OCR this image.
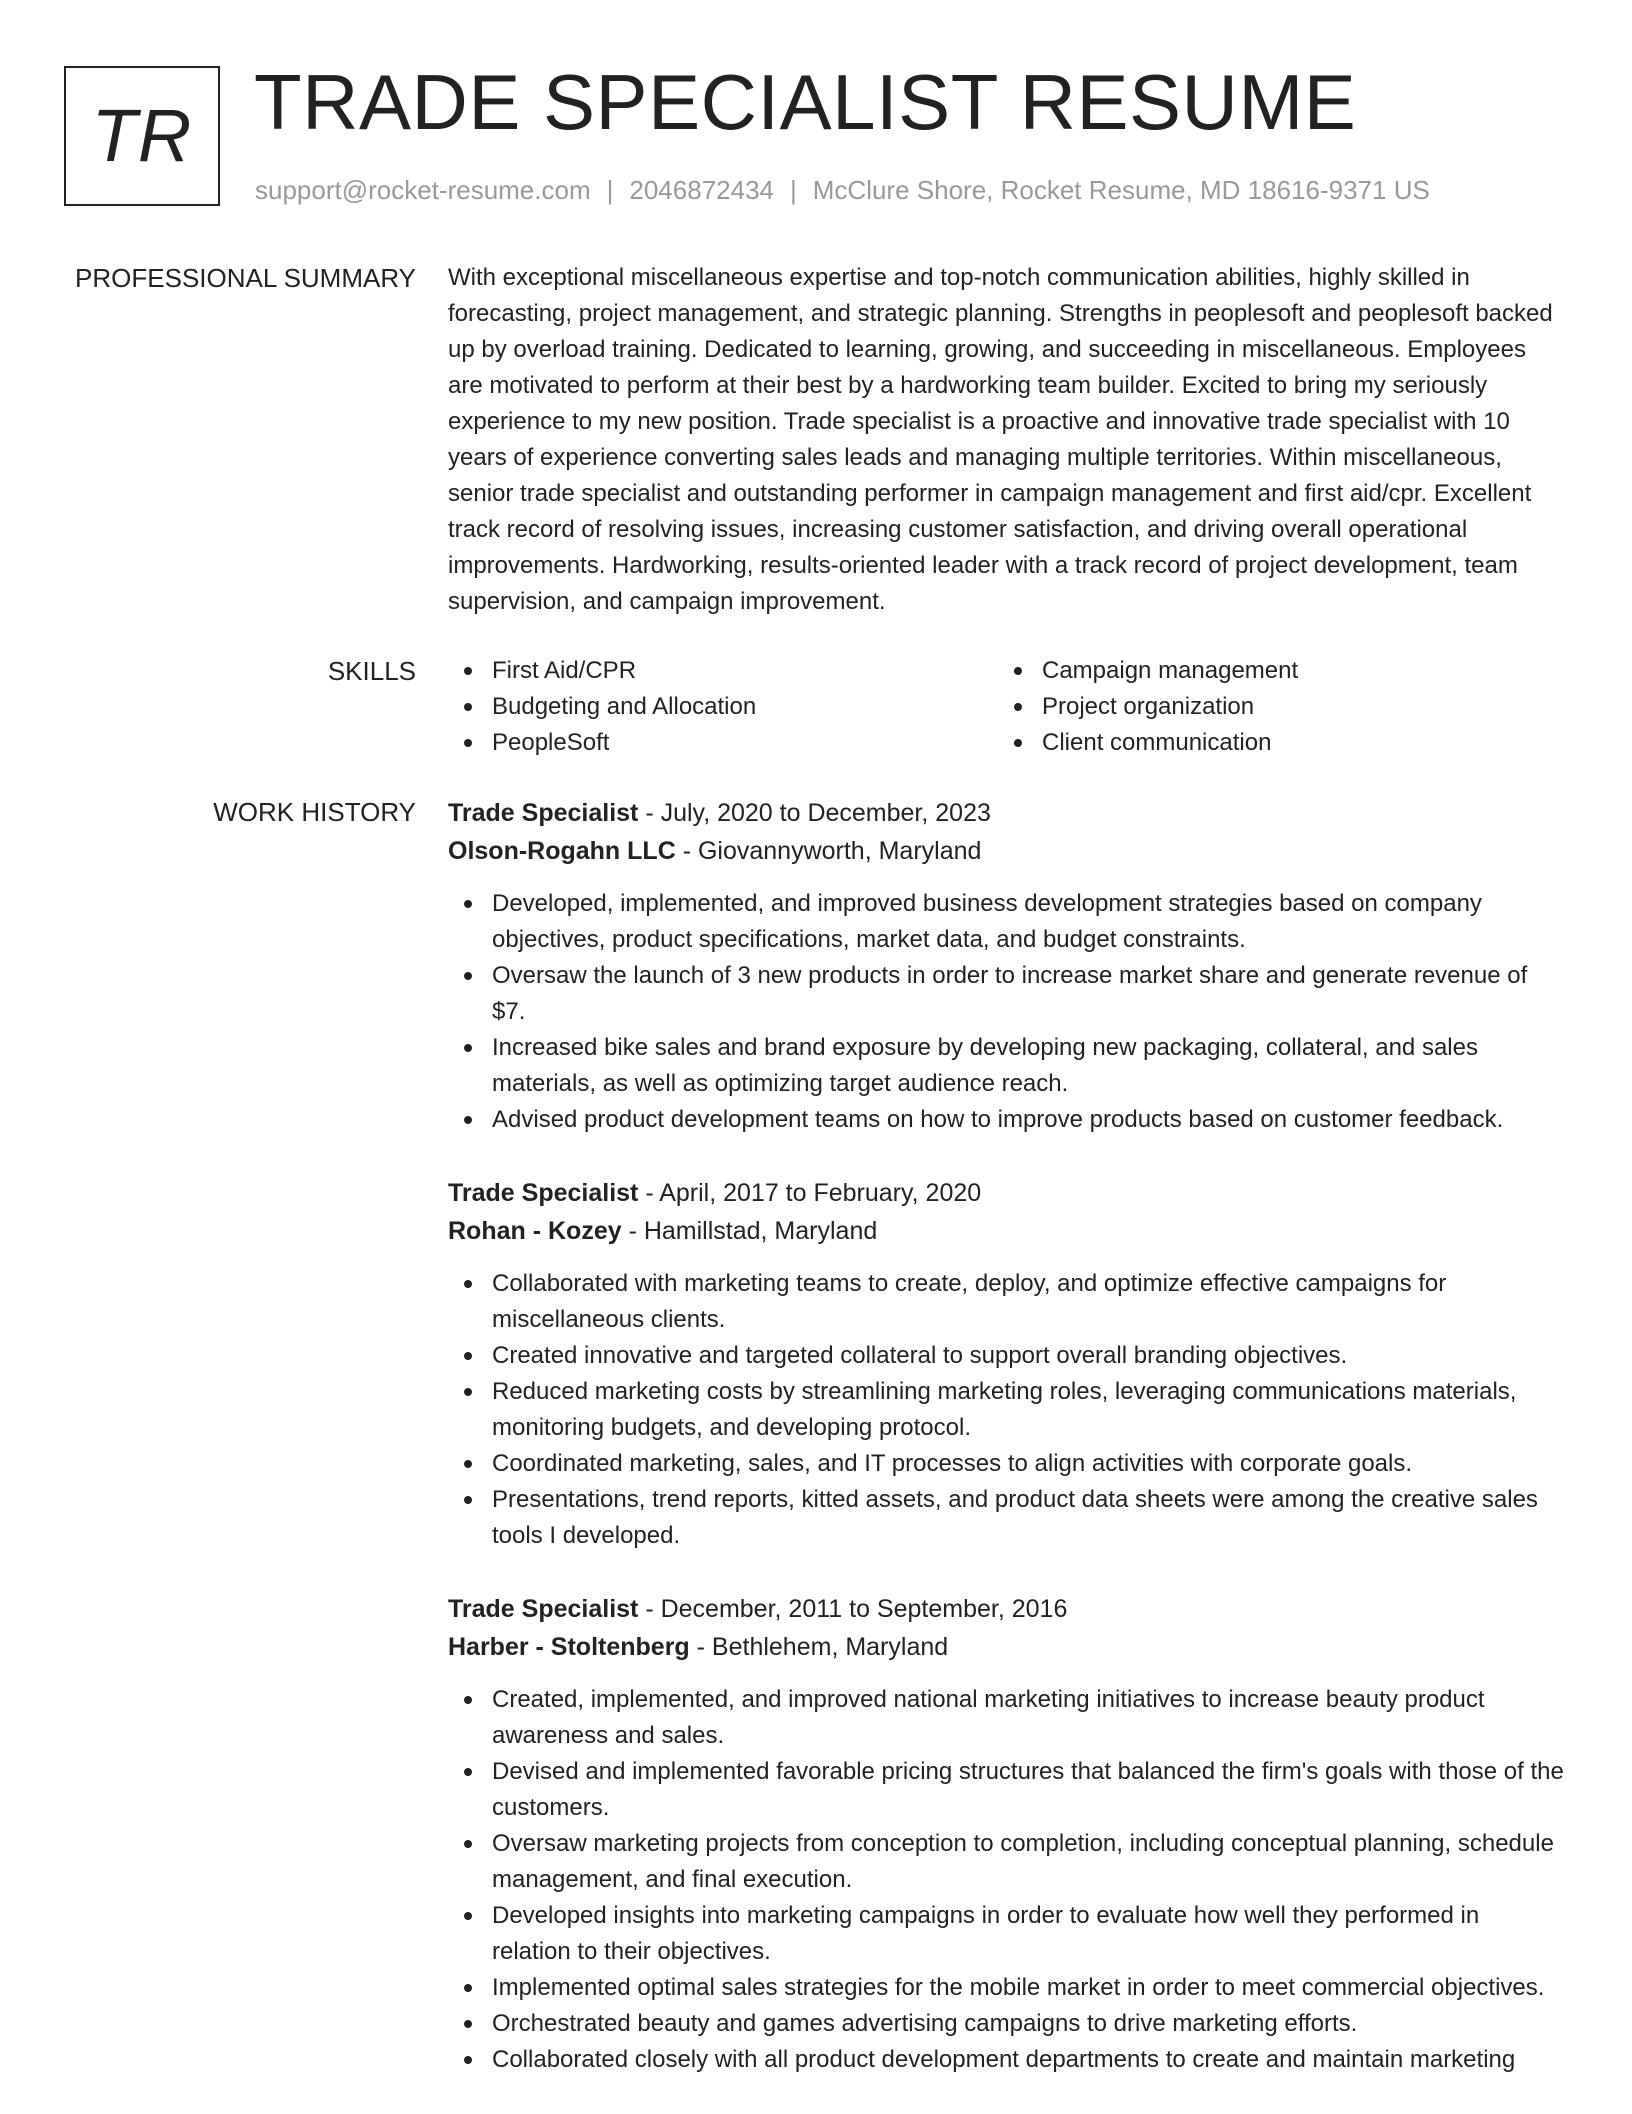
TR TRADE SPECIALIST RESUME
support@rocket-resume.com | 2046872434 | McClure Shore, Rocket Resume, MD 18616-9371 US
PROFESSIONAL SUMMARY With exceptional miscellaneous expertise and top-notch communication abilities, highly skilled in forecasting, project management, and strategic planning. Strengths in peoplesoft and peoplesoft backed up by overload training. Dedicated to learning, growing, and succeeding in miscellaneous. Employees are motivated to perform at their best by a hardworking team builder. Excited to bring my seriously experience to my new position. Trade specialist is a proactive and innovative trade specialist with 10 years of experience converting sales leads and managing multiple territories. Within miscellaneous, senior trade specialist and outstanding performer in campaign management and first aid/cpr. Excellent track record of resolving issues, increasing customer satisfaction, and driving overall operational improvements. Hardworking, results-oriented leader with a track record of project development, team supervision, and campaign improvement.

SKILLS	First Aid/CPR
Budgeting and Allocation
PeopleSoft
Campaign management
Project organization
Client communication
WORK HISTORY Trade Specialist - July, 2020 to December, 2023
Olson-Rogahn LLC - Giovannyworth, Maryland
Developed, implemented, and improved business development strategies based on company objectives, product specifications, market data, and budget constraints.
Oversaw the launch of 3 new products in order to increase market share and generate revenue of $7.
Increased bike sales and brand exposure by developing new packaging, collateral, and sales materials, as well as optimizing target audience reach.
Advised product development teams on how to improve products based on customer feedback.
Trade Specialist - April, 2017 to February, 2020
Rohan - Kozey - Hamillstad, Maryland
Collaborated with marketing teams to create, deploy, and optimize effective campaigns for miscellaneous clients.
Created innovative and targeted collateral to support overall branding objectives.
Reduced marketing costs by streamlining marketing roles, leveraging communications materials, monitoring budgets, and developing protocol.
Coordinated marketing, sales, and IT processes to align activities with corporate goals.
Presentations, trend reports, kitted assets, and product data sheets were among the creative sales tools I developed.
Trade Specialist - December, 2011 to September, 2016
Harber - Stoltenberg - Bethlehem, Maryland
Created, implemented, and improved national marketing initiatives to increase beauty product awareness and sales.
Devised and implemented favorable pricing structures that balanced the firm's goals with those of the customers.
Oversaw marketing projects from conception to completion, including conceptual planning, schedule management, and final execution.
Developed insights into marketing campaigns in order to evaluate how well they performed in relation to their objectives.
Implemented optimal sales strategies for the mobile market in order to meet commercial objectives.
Orchestrated beauty and games advertising campaigns to drive marketing efforts.
Collaborated closely with all product development departments to create and maintain marketing
